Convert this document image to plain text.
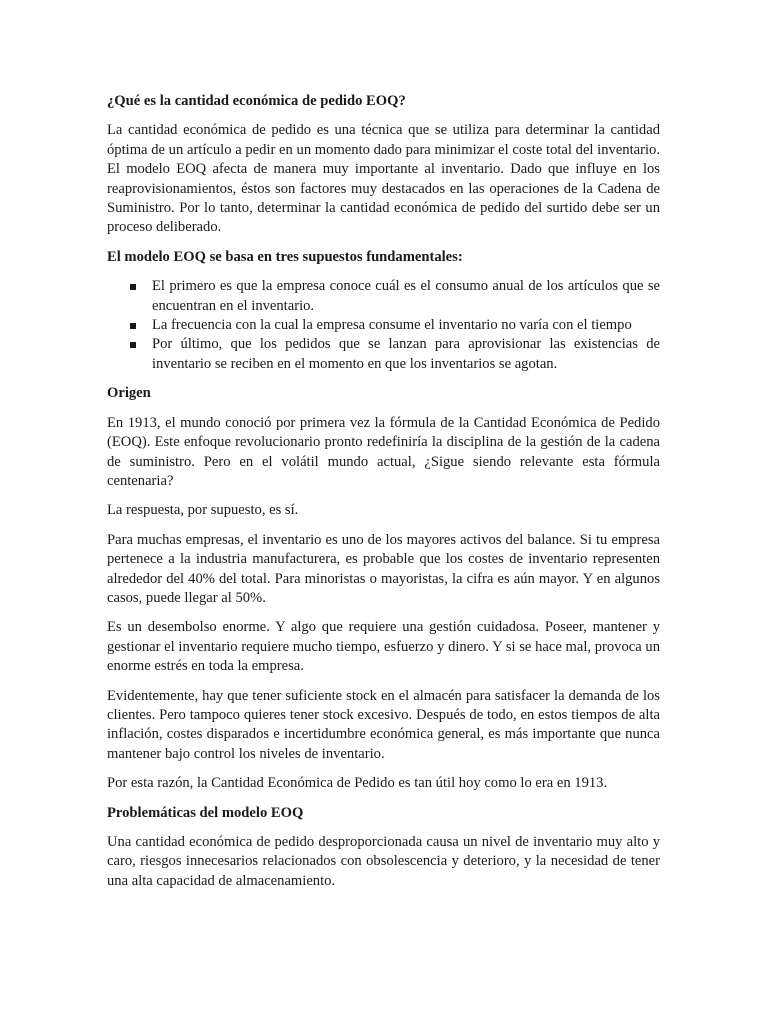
¿Qué es la cantidad económica de pedido EOQ?

La cantidad económica de pedido es una técnica que se utiliza para determinar la cantidad óptima de un artículo a pedir en un momento dado para minimizar el coste total del inventario. El modelo EOQ afecta de manera muy importante al inventario. Dado que influye en los reaprovisionamientos, éstos son factores muy destacados en las operaciones de la Cadena de Suministro. Por lo tanto, determinar la cantidad económica de pedido del surtido debe ser un proceso deliberado.

El modelo EOQ se basa en tres supuestos fundamentales:
El primero es que la empresa conoce cuál es el consumo anual de los artículos que se encuentran en el inventario.
La frecuencia con la cual la empresa consume el inventario no varía con el tiempo
Por último, que los pedidos que se lanzan para aprovisionar las existencias de inventario se reciben en el momento en que los inventarios se agotan.
Origen

En 1913, el mundo conoció por primera vez la fórmula de la Cantidad Económica de Pedido (EOQ). Este enfoque revolucionario pronto redefiniría la disciplina de la gestión de la cadena de suministro. Pero en el volátil mundo actual, ¿Sigue siendo relevante esta fórmula centenaria?

La respuesta, por supuesto, es sí.

Para muchas empresas, el inventario es uno de los mayores activos del balance. Si tu empresa pertenece a la industria manufacturera, es probable que los costes de inventario representen alrededor del 40% del total. Para minoristas o mayoristas, la cifra es aún mayor. Y en algunos casos, puede llegar al 50%.

Es un desembolso enorme. Y algo que requiere una gestión cuidadosa. Poseer, mantener y gestionar el inventario requiere mucho tiempo, esfuerzo y dinero. Y si se hace mal, provoca un enorme estrés en toda la empresa.

Evidentemente, hay que tener suficiente stock en el almacén para satisfacer la demanda de los clientes. Pero tampoco quieres tener stock excesivo. Después de todo, en estos tiempos de alta inflación, costes disparados e incertidumbre económica general, es más importante que nunca mantener bajo control los niveles de inventario.

Por esta razón, la Cantidad Económica de Pedido es tan útil hoy como lo era en 1913.

Problemáticas del modelo EOQ

Una cantidad económica de pedido desproporcionada causa un nivel de inventario muy alto y caro, riesgos innecesarios relacionados con obsolescencia y deterioro, y la necesidad de tener una alta capacidad de almacenamiento.
